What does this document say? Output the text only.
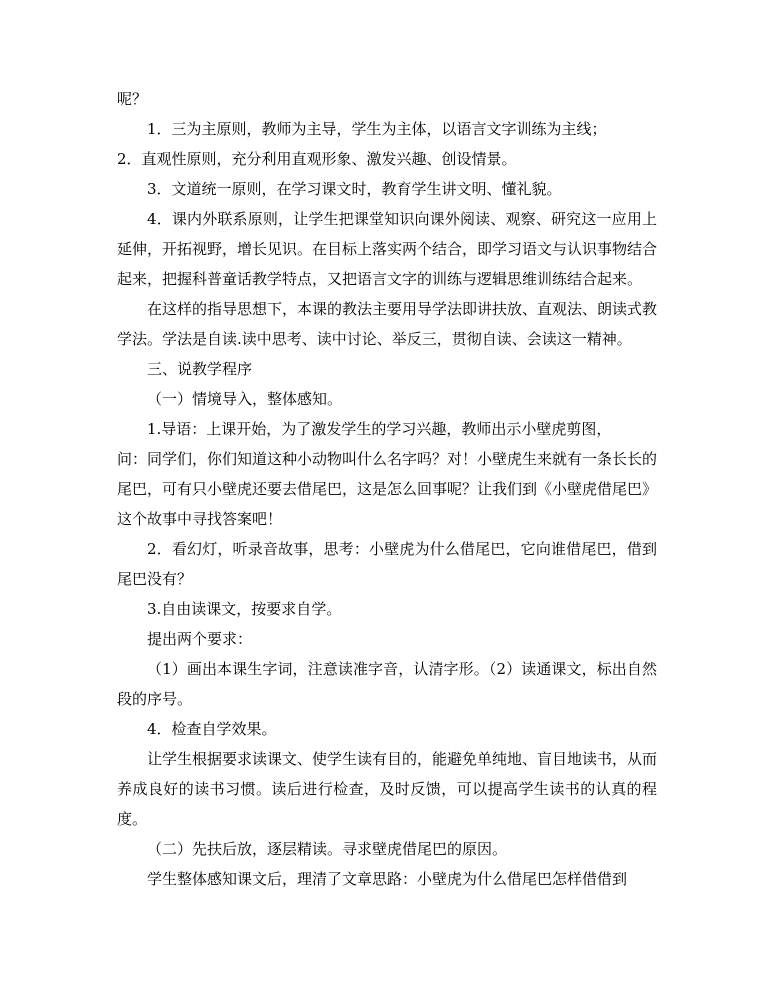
呢？

1．三为主原则，教师为主导，学生为主体，以语言文字训练为主线；

2．直观性原则，充分利用直观形象、激发兴趣、创设情景。

3．文道统一原则，在学习课文时，教育学生讲文明、懂礼貌。

4．课内外联系原则，让学生把课堂知识向课外阅读、观察、研究这一应用上延伸，开拓视野，增长见识。在目标上落实两个结合，即学习语文与认识事物结合起来，把握科普童话教学特点，又把语言文字的训练与逻辑思维训练结合起来。

在这样的指导思想下，本课的教法主要用导学法即讲扶放、直观法、朗读式教学法。学法是自读.读中思考、读中讨论、举反三，贯彻自读、会读这一精神。

三、说教学程序

（一）情境导入，整体感知。

1.导语：上课开始，为了激发学生的学习兴趣，教师出示小壁虎剪图，

问：同学们，你们知道这种小动物叫什么名字吗？对！小壁虎生来就有一条长长的尾巴，可有只小壁虎还要去借尾巴，这是怎么回事呢？让我们到《小壁虎借尾巴》这个故事中寻找答案吧！

2．看幻灯，听录音故事，思考：小壁虎为什么借尾巴，它向谁借尾巴，借到尾巴没有？

3.自由读课文，按要求自学。

提出两个要求：

（1）画出本课生字词，注意读准字音，认清字形。（2）读通课文，标出自然段的序号。

4．检查自学效果。

让学生根据要求读课文、使学生读有目的，能避免单纯地、盲目地读书，从而养成良好的读书习惯。读后进行检查，及时反馈，可以提高学生读书的认真的程度。

（二）先扶后放，逐层精读。寻求壁虎借尾巴的原因。

学生整体感知课文后，理清了文章思路：小壁虎为什么借尾巴怎样借借到
